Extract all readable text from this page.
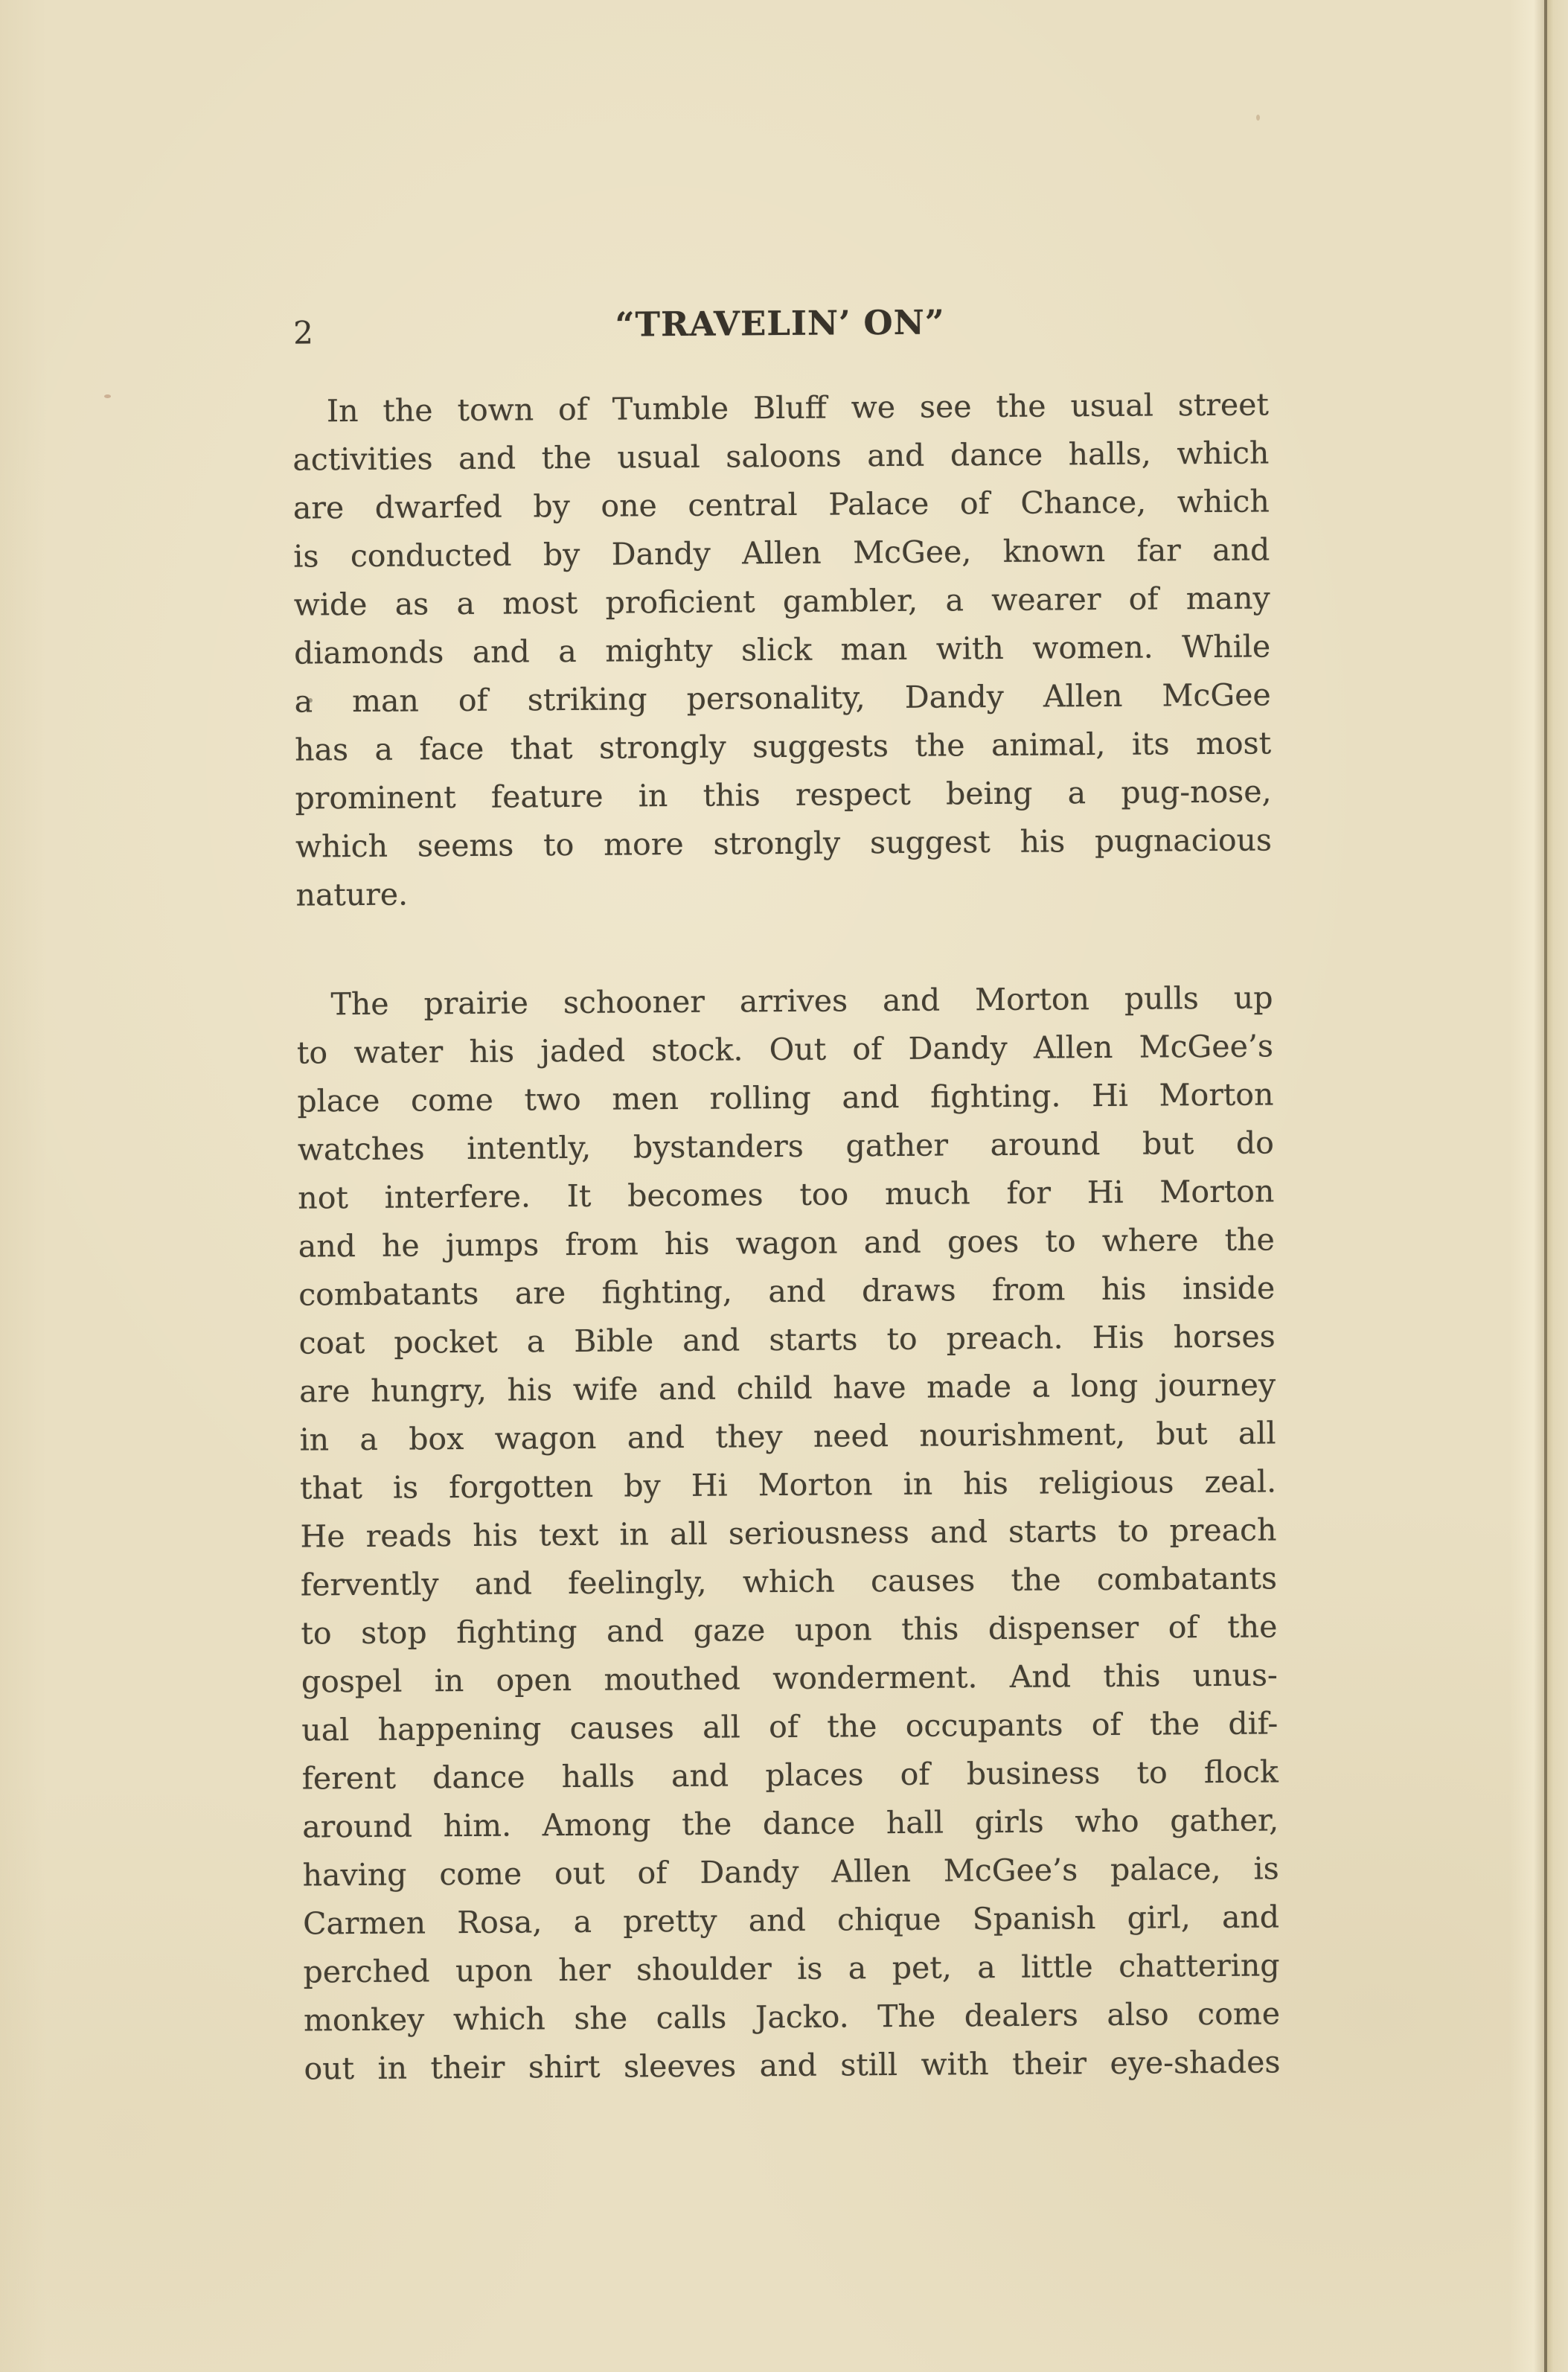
2	“TRAVELIN’ ON”
In the town of Tumble Bluff we see the usual street
activities and the usual saloons and dance halls, which
are dwarfed by one central Palace of Chance, which
is conducted by Dandy Allen McGee, known far and
wide as a most proficient gambler, a wearer of many
diamonds and a mighty slick man with women. While
a man of striking personality, Dandy Allen McGee
has a face that strongly suggests the animal, its most
prominent feature in this respect being a pug-nose,
which seems to more strongly suggest his pugnacious
nature.
The prairie schooner arrives and Morton pulls up
to water his jaded stock. Out of Dandy Allen McGee’s
place come two men rolling and fighting. Hi Morton
watches intently, bystanders gather around but do
not interfere. It becomes too much for Hi Morton
and he jumps from his wagon and goes to where the
combatants are fighting, and draws from his inside
coat pocket a Bible and starts to preach. His horses
are hungry, his wife and child have made a long journey
in a box wagon and they need nourishment, but all
that is forgotten by Hi Morton in his religious zeal.
He reads his text in all seriousness and starts to preach
fervently and feelingly, which causes the combatants
to stop fighting and gaze upon this dispenser of the
gospel in open mouthed wonderment. And this unus-
ual happening causes all of the occupants of the dif-
ferent dance halls and places of business to flock
around him. Among the dance hall girls who gather,
having come out of Dandy Allen McGee’s palace, is
Carmen Rosa, a pretty and chique Spanish girl, and
perched upon her shoulder is a pet, a little chattering
monkey which she calls Jacko. The dealers also come
out in their shirt sleeves and still with their eye-shades
